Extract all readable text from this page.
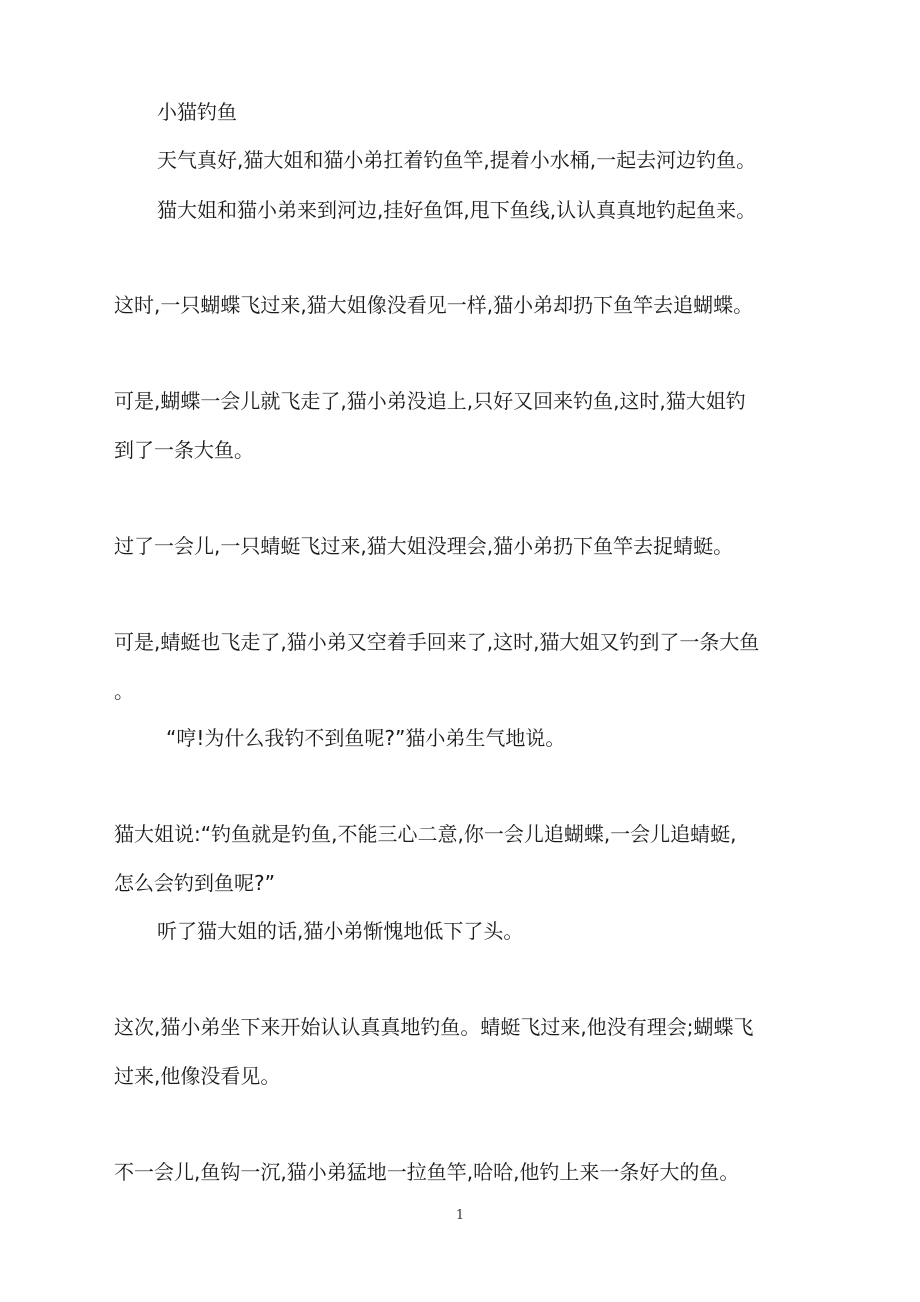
小猫钓鱼
天气真好,猫大姐和猫小弟扛着钓鱼竿,提着小水桶,一起去河边钓鱼。
猫大姐和猫小弟来到河边,挂好鱼饵,甩下鱼线,认认真真地钓起鱼来。
这时,一只蝴蝶飞过来,猫大姐像没看见一样,猫小弟却扔下鱼竿去追蝴蝶。
可是,蝴蝶一会儿就飞走了,猫小弟没追上,只好又回来钓鱼,这时,猫大姐钓
到了一条大鱼。
过了一会儿,一只蜻蜓飞过来,猫大姐没理会,猫小弟扔下鱼竿去捉蜻蜓。
可是,蜻蜓也飞走了,猫小弟又空着手回来了,这时,猫大姐又钓到了一条大鱼
。
“哼!为什么我钓不到鱼呢?”猫小弟生气地说。
猫大姐说:“钓鱼就是钓鱼,不能三心二意,你一会儿追蝴蝶,一会儿追蜻蜓,
怎么会钓到鱼呢?”
听了猫大姐的话,猫小弟惭愧地低下了头。
这次,猫小弟坐下来开始认认真真地钓鱼。蜻蜓飞过来,他没有理会;蝴蝶飞
过来,他像没看见。
不一会儿,鱼钩一沉,猫小弟猛地一拉鱼竿,哈哈,他钓上来一条好大的鱼。
1
